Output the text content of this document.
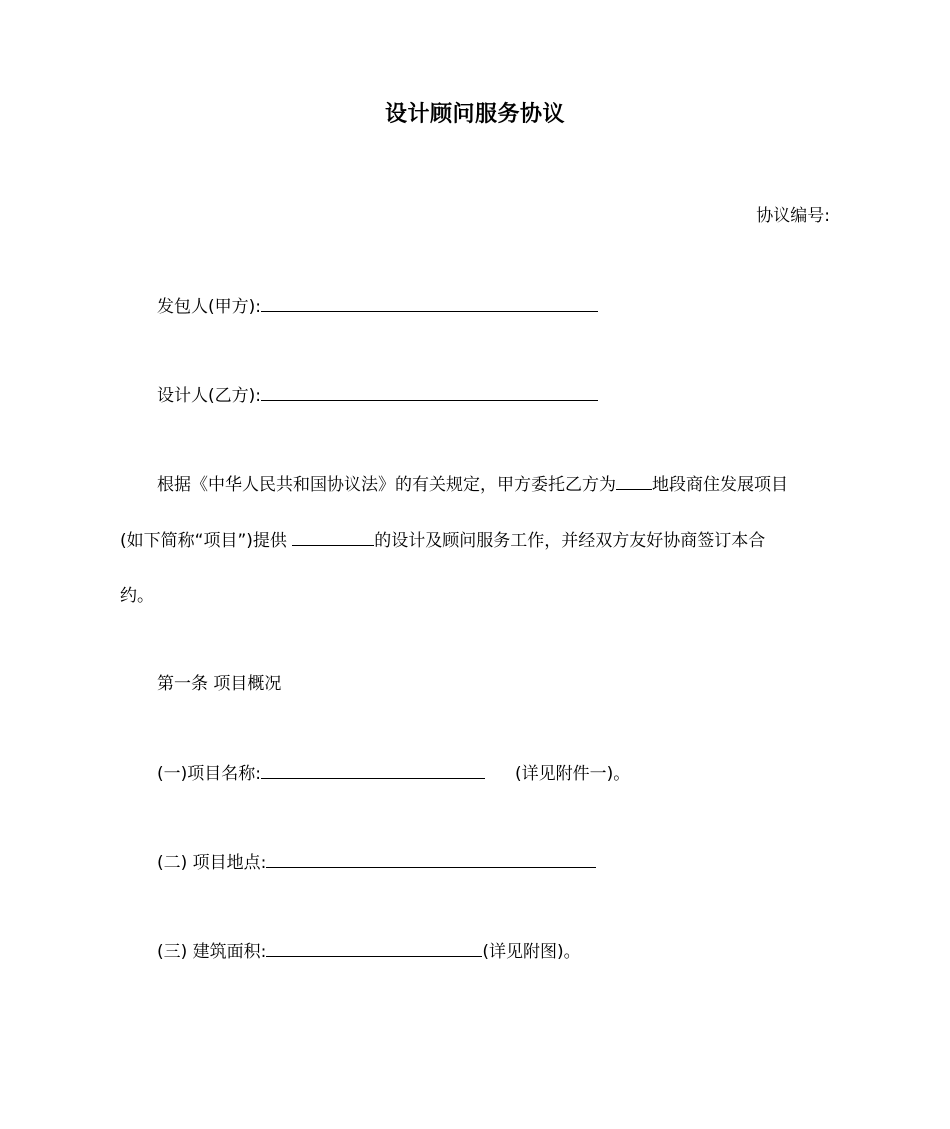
设计顾问服务协议
协议编号:
发包人(甲方):
设计人(乙方):
根据《中华人民共和国协议法》的有关规定，甲方委托乙方为 地段商住发展项目
(如下简称“项目”)提供	的设计及顾问服务工作，并经双方友好协商签订本合
约。
第一条 项目概况
(一)项目名称:	(详见附件一)。
(二) 项目地点:
(三) 建筑面积:	(详见附图)。
